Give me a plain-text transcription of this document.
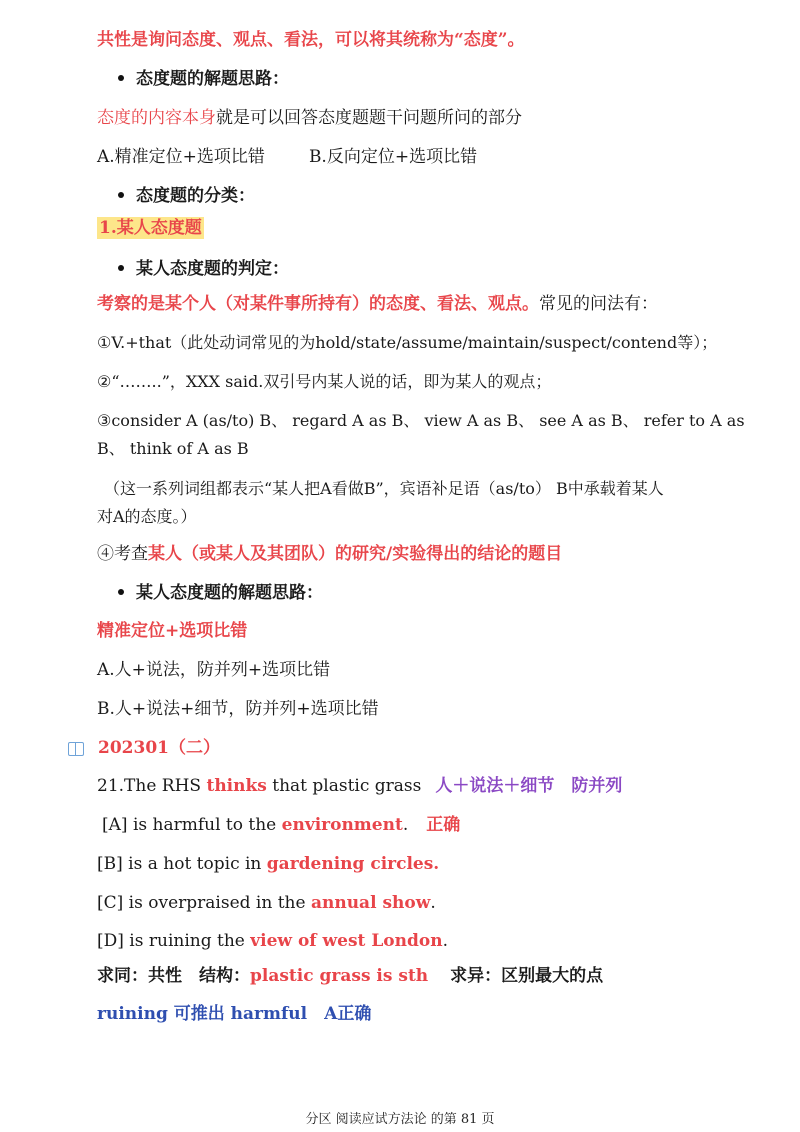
共性是询问态度、观点、看法，可以将其统称为“态度”。
态度题的解题思路：
态度的内容本身就是可以回答态度题题干问题所问的部分
A.精准定位+选项比错	B.反向定位+选项比错
态度题的分类：
1.某人态度题
某人态度题的判定：
考察的是某个人（对某件事所持有）的态度、看法、观点。常见的问法有：
①V.+that（此处动词常见的为hold/state/assume/maintain/suspect/contend等）；
②“……..”，XXX said.双引号内某人说的话，即为某人的观点；
③consider A (as/to) B、 regard A as B、 view A as B、 see A as B、 refer to A as
B、 think of A as B
（这一系列词组都表示“某人把A看做B”，宾语补足语（as/to） B中承载着某人
对A的态度。）
④考查某人（或某人及其团队）的研究/实验得出的结论的题目
某人态度题的解题思路：
精准定位+选项比错
A.人+说法，防并列+选项比错
B.人+说法+细节，防并列+选项比错
202301（二）
21.The RHS thinks that plastic grass 人＋说法＋细节　防并列
[A] is harmful to the environment. 正确
[B] is a hot topic in gardening circles.
[C] is overpraised in the annual show.
[D] is ruining the view of west London.
求同：共性　结构：plastic grass is sth 求异：区别最大的点
ruining 可推出 harmful　A正确
分区 阅读应试方法论 的第 81 页
